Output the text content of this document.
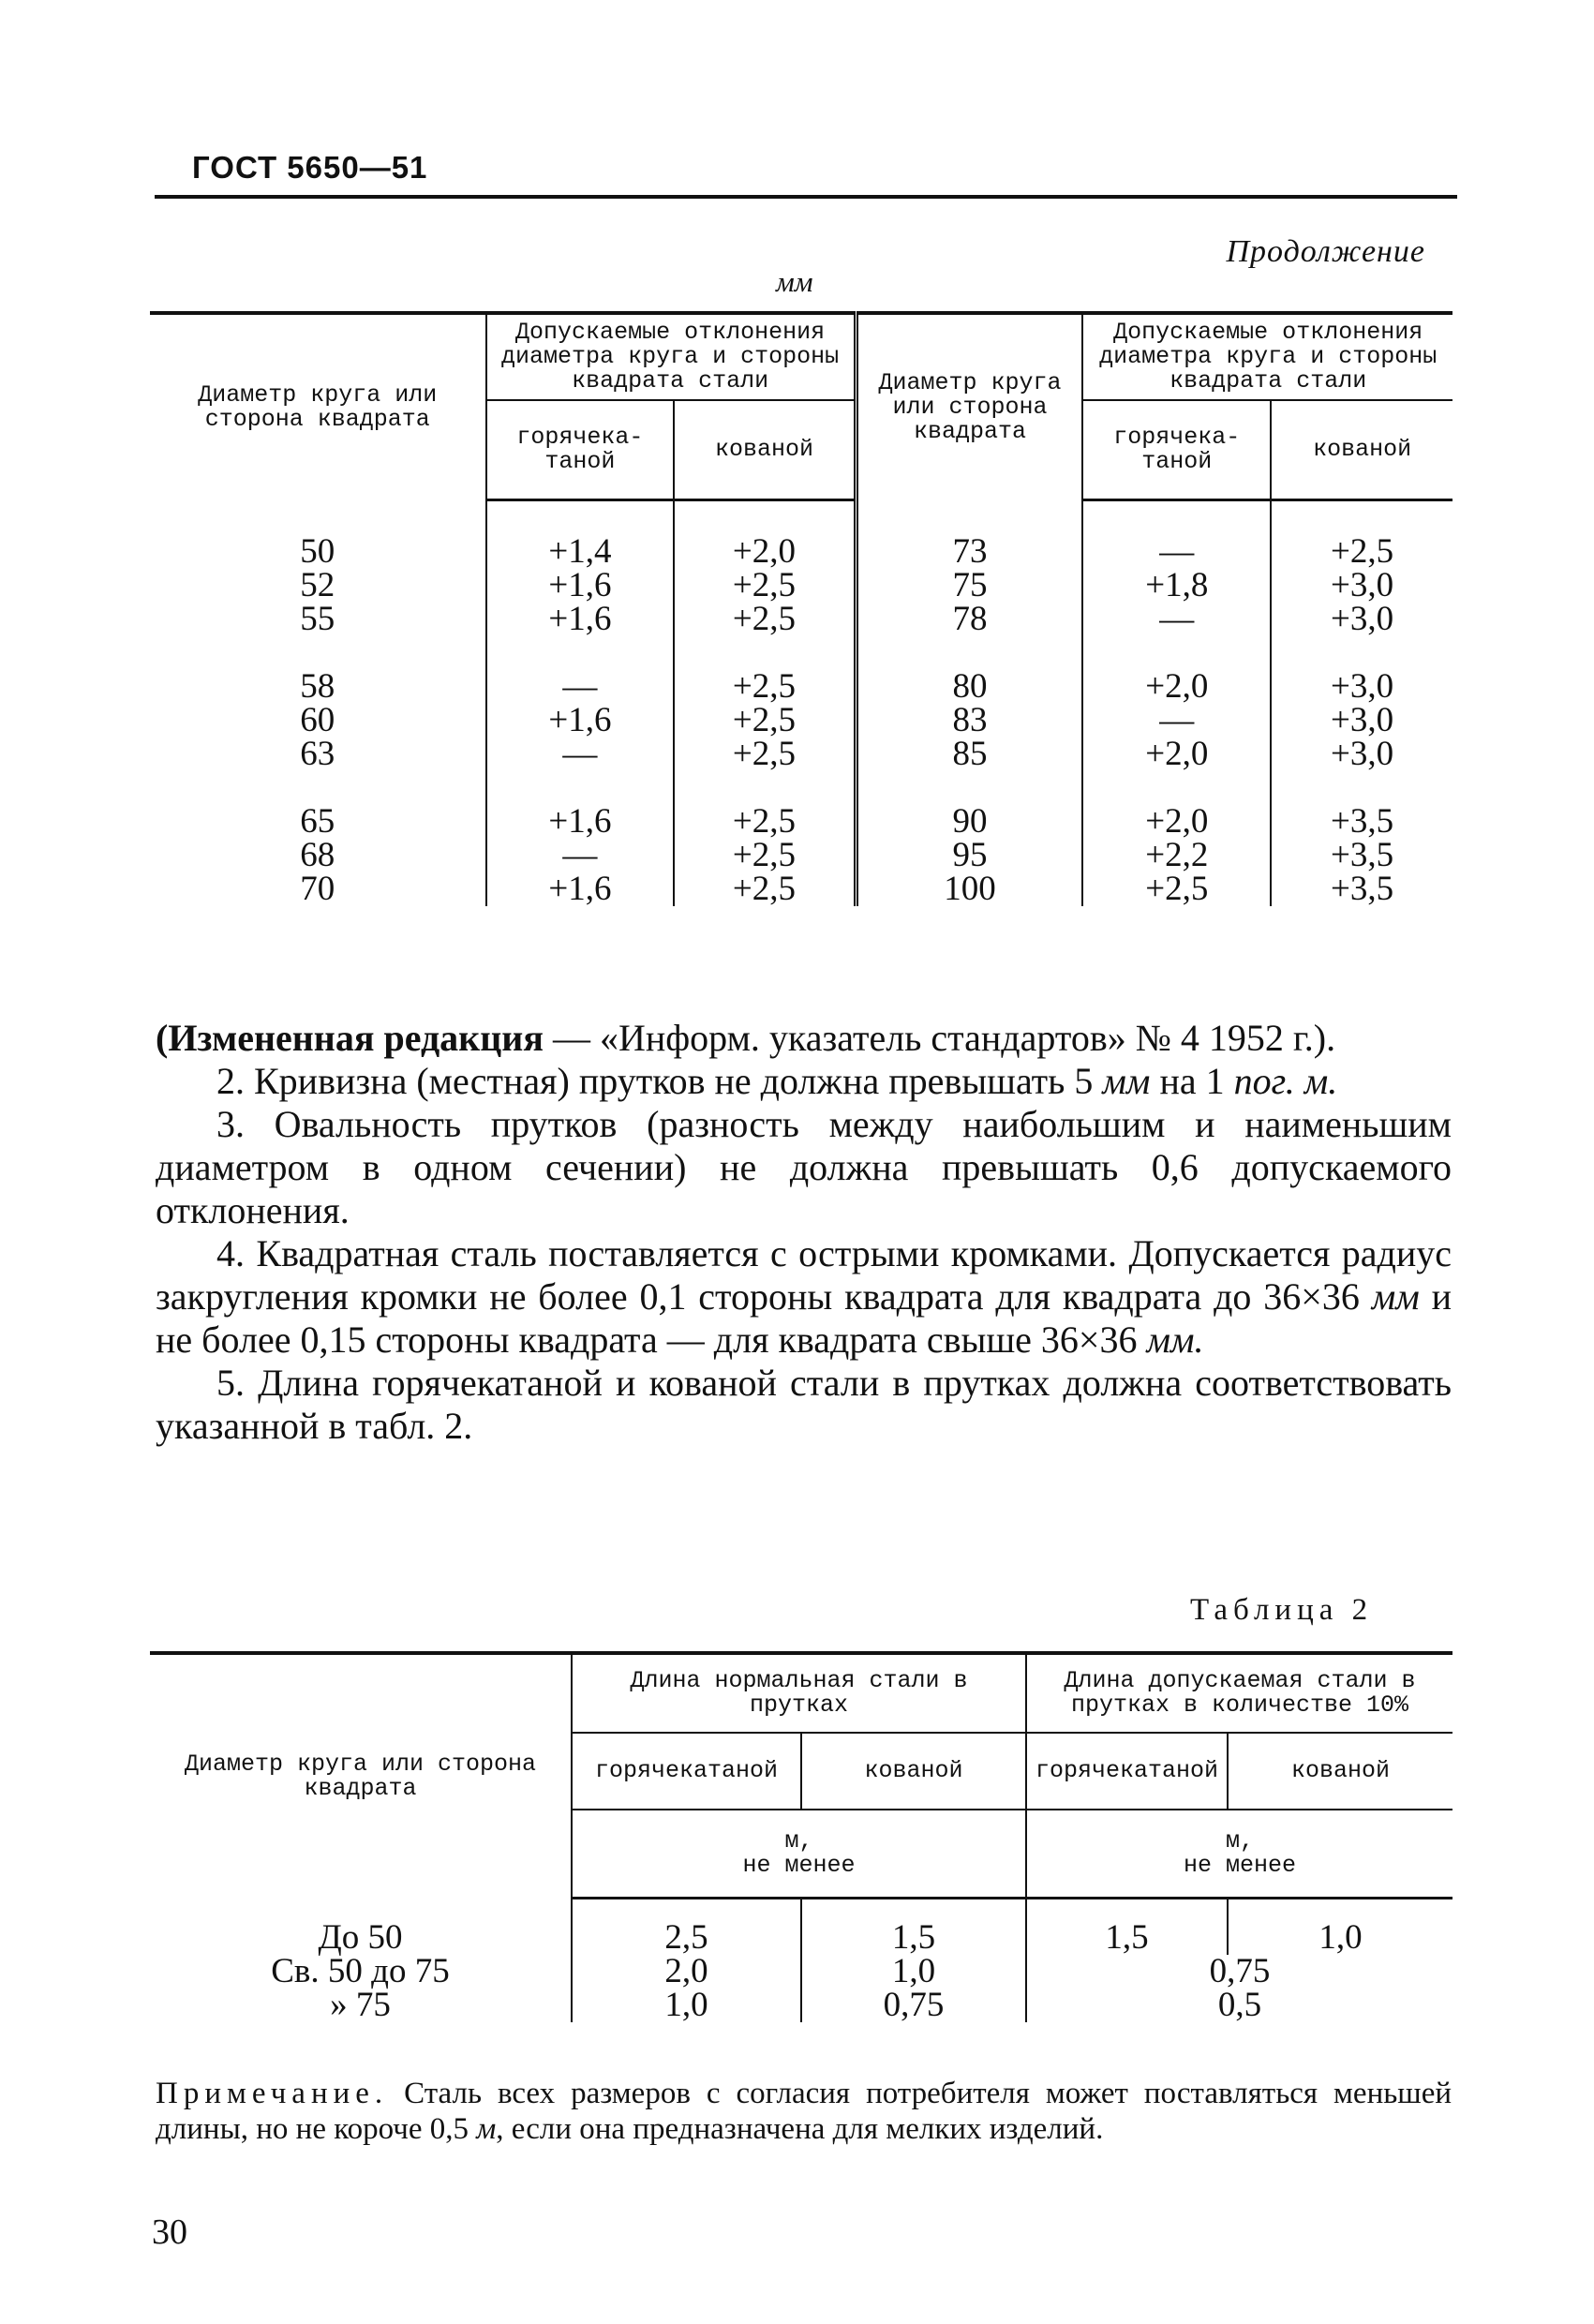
ГОСТ 5650—51
Продолжение
мм
Диаметр круга или сторона квадрата	Допускаемые отклонения диаметра круга и стороны квадрата стали		Диаметр круга или сторона квадрата	Допускаемые отклонения диаметра круга и стороны квадрата стали	
	горячека-таной	кованой		горячека-таной	кованой

50	+1,4	+2,0	73	—	+2,5
52	+1,6	+2,5	75	+1,8	+3,0
55	+1,6	+2,5	78	—	+3,0

58	—	+2,5	80	+2,0	+3,0
60	+1,6	+2,5	83	—	+3,0
63	—	+2,5	85	+2,0	+3,0

65	+1,6	+2,5	90	+2,0	+3,5
68	—	+2,5	95	+2,2	+3,5
70	+1,6	+2,5	100	+2,5	+3,5

(Измененная редакция — «Информ. указатель стандартов» № 4 1952 г.).

2. Кривизна (местная) прутков не должна превышать 5 мм на 1 пог. м.

3. Овальность прутков (разность между наибольшим и наименьшим диаметром в одном сечении) не должна превышать 0,6 допускаемого отклонения.

4. Квадратная сталь поставляется с острыми кромками. Допускается радиус закругления кромки не более 0,1 стороны квадрата для квадрата до 36×36 мм и не более 0,15 стороны квадрата — для квадрата свыше 36×36 мм.

5. Длина горячекатаной и кованой стали в прутках должна соответствовать указанной в табл. 2.

Таблица 2
Диаметр круга или сторона квадрата	Длина нормальная стали в прутках		Длина допускаемая стали в прутках в количестве 10%	
	горячекатаной	кованой	горячекатаной	кованой
	м,
не менее		м,
не менее	

До 50	2,5	1,5	1,5	1,0
Св. 50 до 75	2,0	1,0	0,75	
» 75	1,0	0,75	0,5	
Примечание. Сталь всех размеров с согласия потребителя может поставляться меньшей длины, но не короче 0,5 м, если она предназначена для мелких изделий.
30
